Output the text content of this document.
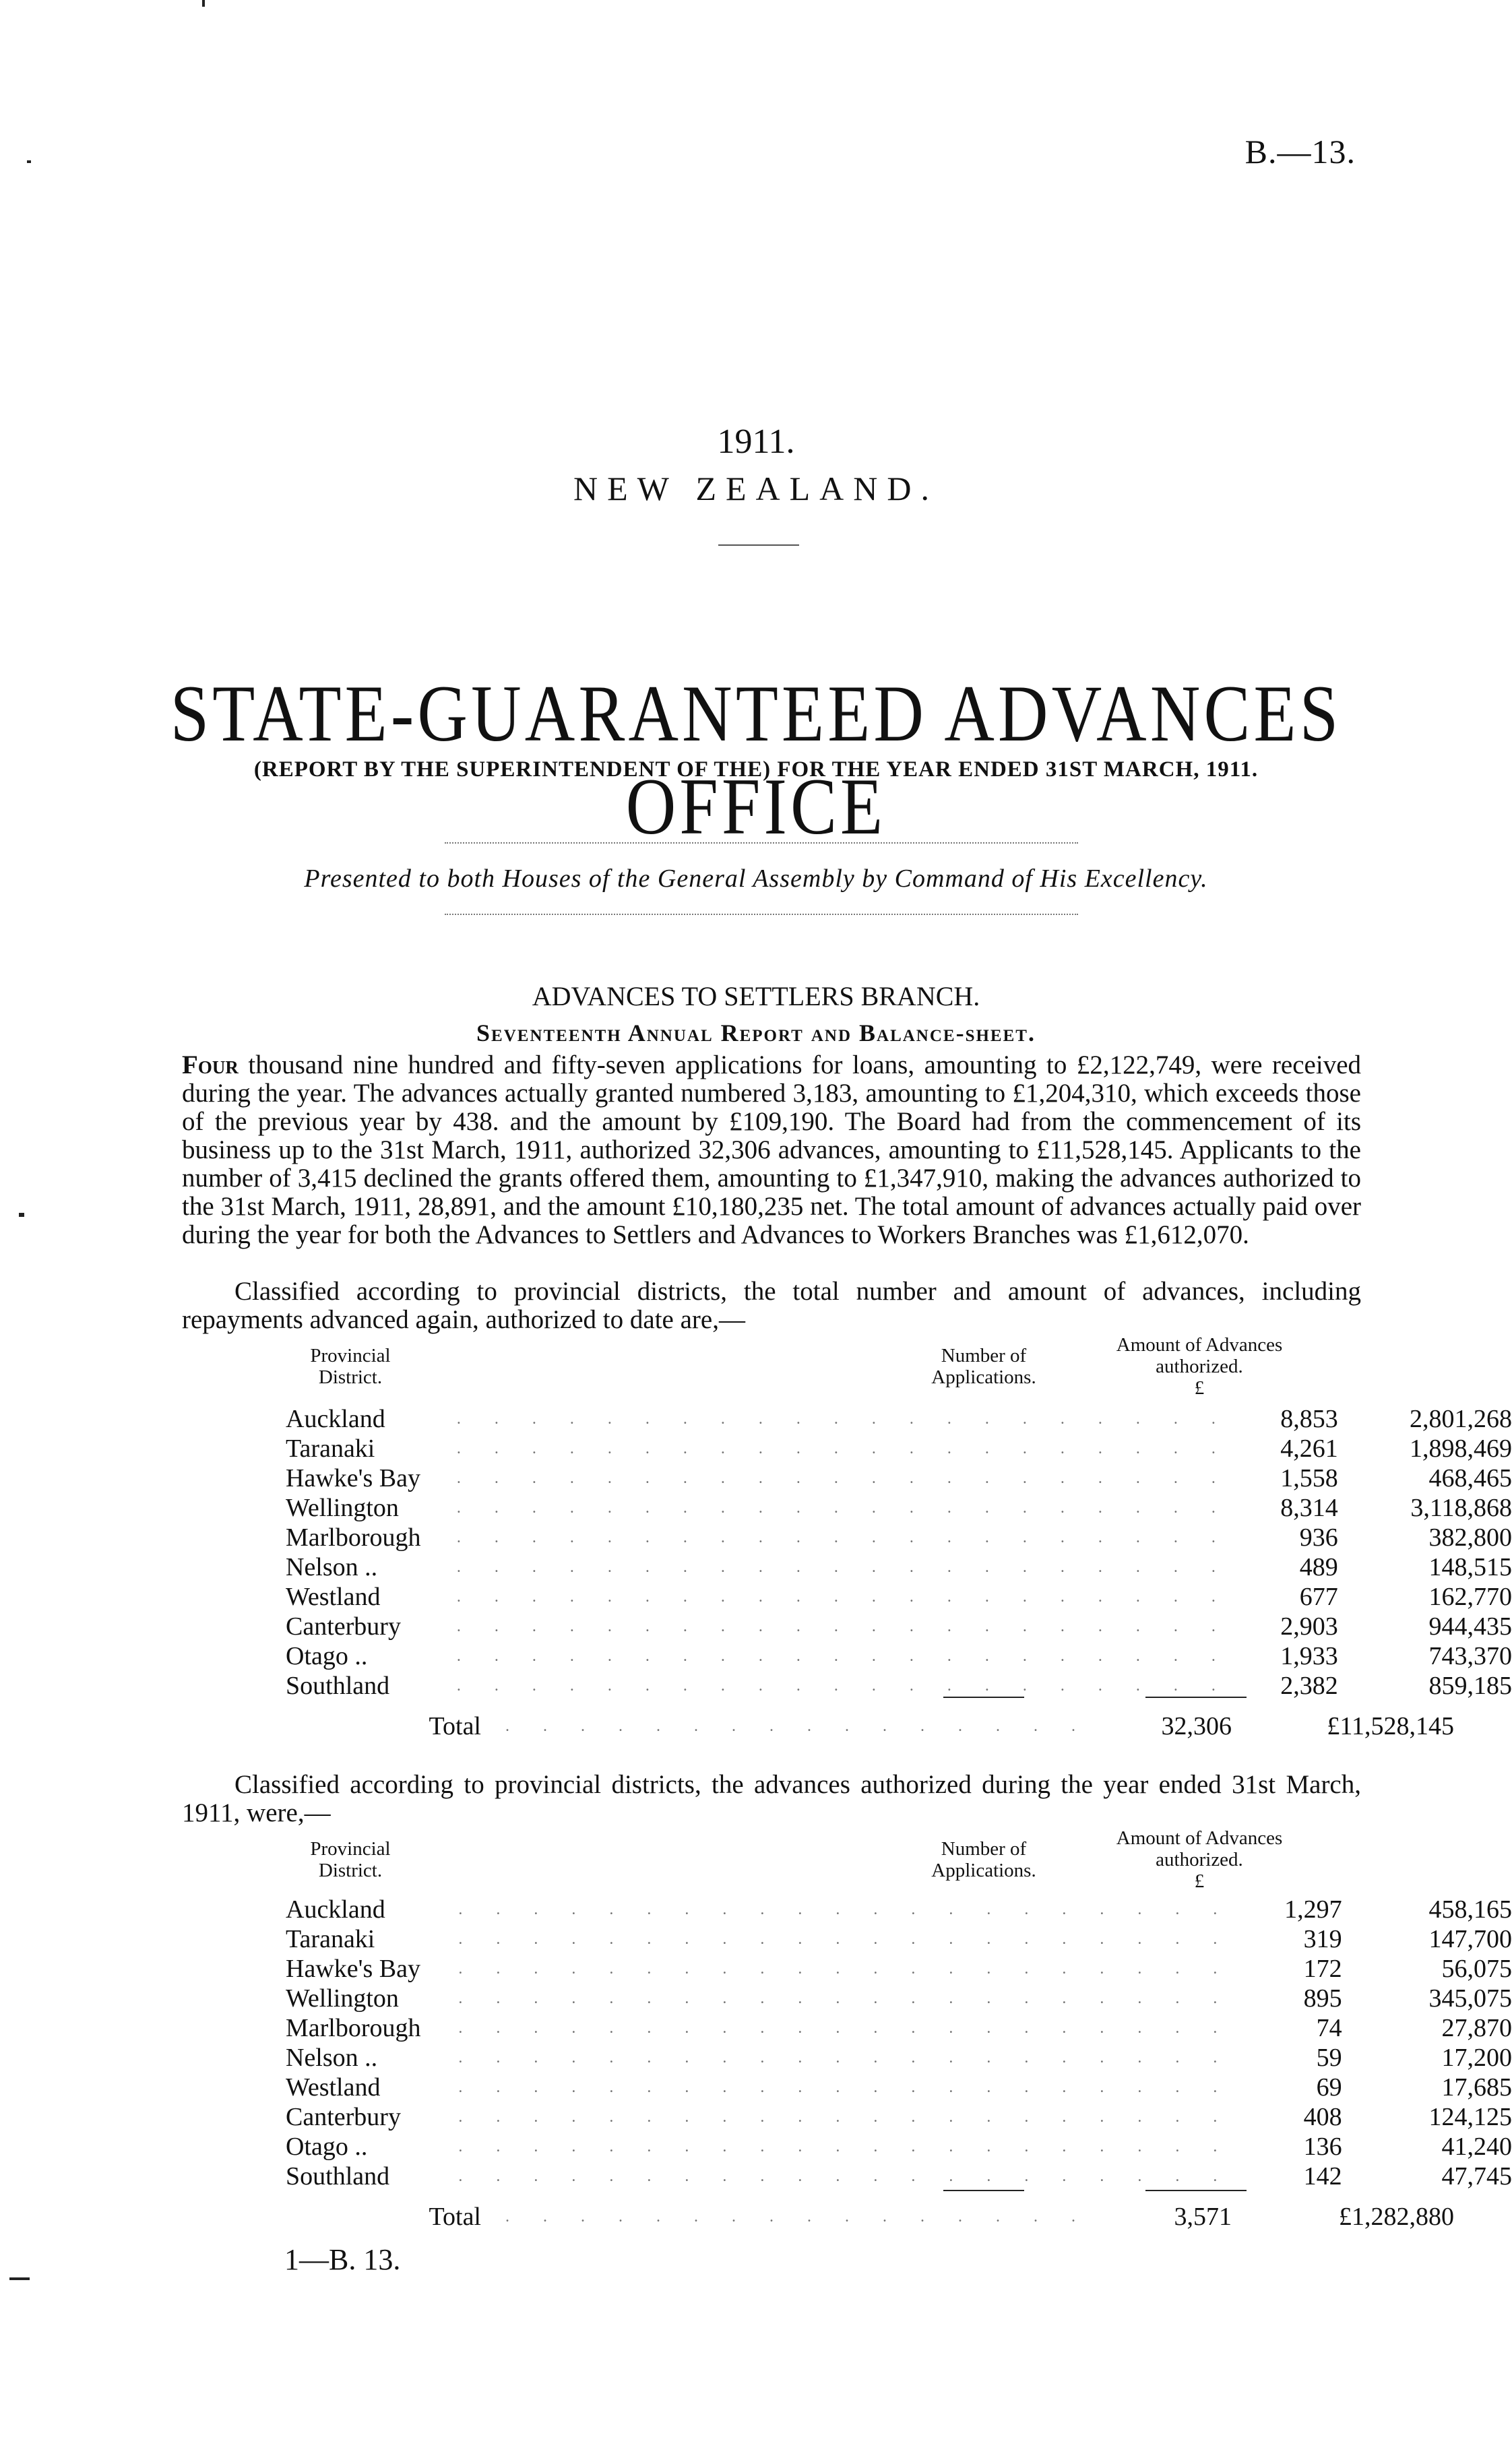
B.—13.
1911.
NEW ZEALAND.
STATE-GUARANTEED ADVANCES OFFICE
(REPORT BY THE SUPERINTENDENT OF THE) FOR THE YEAR ENDED 31ST MARCH, 1911.
Presented to both Houses of the General Assembly by Command of His Excellency.
ADVANCES TO SETTLERS BRANCH.
Seventeenth Annual Report and Balance-sheet.
Four thousand nine hundred and fifty-seven applications for loans, amounting to £2,122,749, were received during the year. The advances actually granted numbered 3,183, amounting to £1,204,310, which exceeds those of the previous year by 438. and the amount by £109,190. The Board had from the commencement of its business up to the 31st March, 1911, authorized 32,306 advances, amounting to £11,528,145. Applicants to the number of 3,415 declined the grants offered them, amounting to £1,347,910, making the advances authorized to the 31st March, 1911, 28,891, and the amount £10,180,235 net. The total amount of advances actually paid over during the year for both the Advances to Settlers and Advances to Workers Branches was £1,612,070.
Classified according to provincial districts, the total number and amount of advances, including repayments advanced again, authorized to date are,—
Provincial
District.
Number of
Applications.
Amount of Advances
authorized.
£
Auckland	. . . . . . . . . . . . . . . . . . . . .	8,853	2,801,268
Taranaki	. . . . . . . . . . . . . . . . . . . . .	4,261	1,898,469
Hawke's Bay	. . . . . . . . . . . . . . . . . . . . .	1,558	468,465
Wellington	. . . . . . . . . . . . . . . . . . . . .	8,314	3,118,868
Marlborough	. . . . . . . . . . . . . . . . . . . . .	936	382,800
Nelson ..	. . . . . . . . . . . . . . . . . . . . .	489	148,515
Westland	. . . . . . . . . . . . . . . . . . . . .	677	162,770
Canterbury	. . . . . . . . . . . . . . . . . . . . .	2,903	944,435
Otago ..	. . . . . . . . . . . . . . . . . . . . .	1,933	743,370
Southland	. . . . . . . . . . . . . . . . . . . . .	2,382	859,185
Total	. . . . . . . . . . . . . . . .	32,306	£11,528,145
Classified according to provincial districts, the advances authorized during the year ended 31st March, 1911, were,—
Provincial
District.
Number of
Applications.
Amount of Advances
authorized.
£
Auckland	. . . . . . . . . . . . . . . . . . . . .	1,297	458,165
Taranaki	. . . . . . . . . . . . . . . . . . . . .	319	147,700
Hawke's Bay	. . . . . . . . . . . . . . . . . . . . .	172	56,075
Wellington	. . . . . . . . . . . . . . . . . . . . .	895	345,075
Marlborough	. . . . . . . . . . . . . . . . . . . . .	74	27,870
Nelson ..	. . . . . . . . . . . . . . . . . . . . .	59	17,200
Westland	. . . . . . . . . . . . . . . . . . . . .	69	17,685
Canterbury	. . . . . . . . . . . . . . . . . . . . .	408	124,125
Otago ..	. . . . . . . . . . . . . . . . . . . . .	136	41,240
Southland	. . . . . . . . . . . . . . . . . . . . .	142	47,745
Total	. . . . . . . . . . . . . . . .	3,571	£1,282,880
1—B. 13.
